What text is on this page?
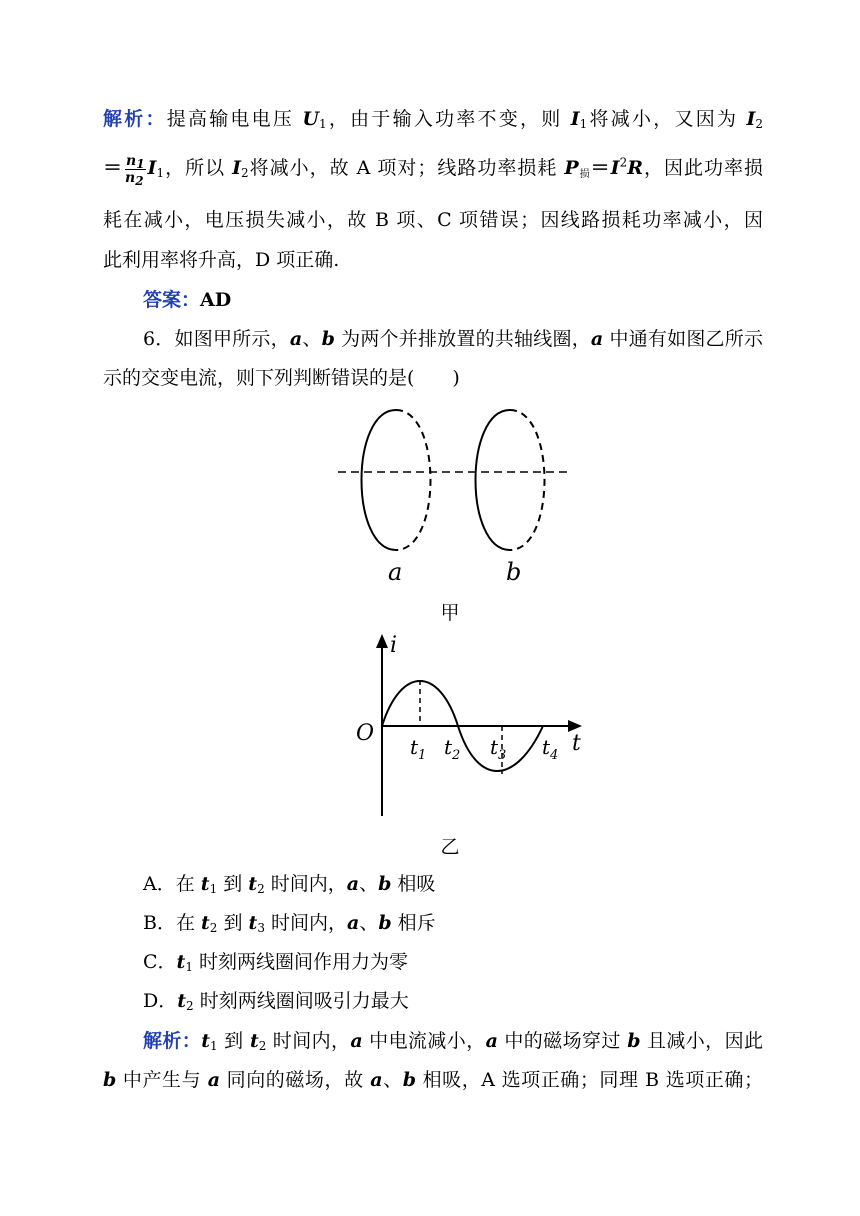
解析：提高输电电压 $U_1$，由于输入功率不变，则 $I_1$将减小，又因为 $I_2$
＝ $\frac{n_1}{n_2} I_1$，所以 $I_2$将减小，故 A 项对；线路功率损耗 $P_损=I^2R$，因此功率损
耗在减小，电压损失减小，故 B 项、C 项错误；因线路损耗功率减小，因
此利用率将升高，D 项正确.
答案：AD
6．如图甲所示，a、b 为两个并排放置的共轴线圈，a 中通有如图乙所示
示的交变电流，则下列判断错误的是(　　)
a	b
甲
i
t
O
$t_1$ $t_2$ $t_3$ $t_4$
乙
A．在 $t_1$ 到 $t_2$ 时间内，a、b 相吸
B．在 $t_2$ 到 $t_3$ 时间内，a、b 相斥
C．$t_1$ 时刻两线圈间作用力为零
D．$t_2$ 时刻两线圈间吸引力最大
解析：$t_1$ 到 $t_2$ 时间内，a 中电流减小，a 中的磁场穿过 b 且减小，因此
b 中产生与 a 同向的磁场，故 a、b 相吸，A 选项正确；同理 B 选项正确；
